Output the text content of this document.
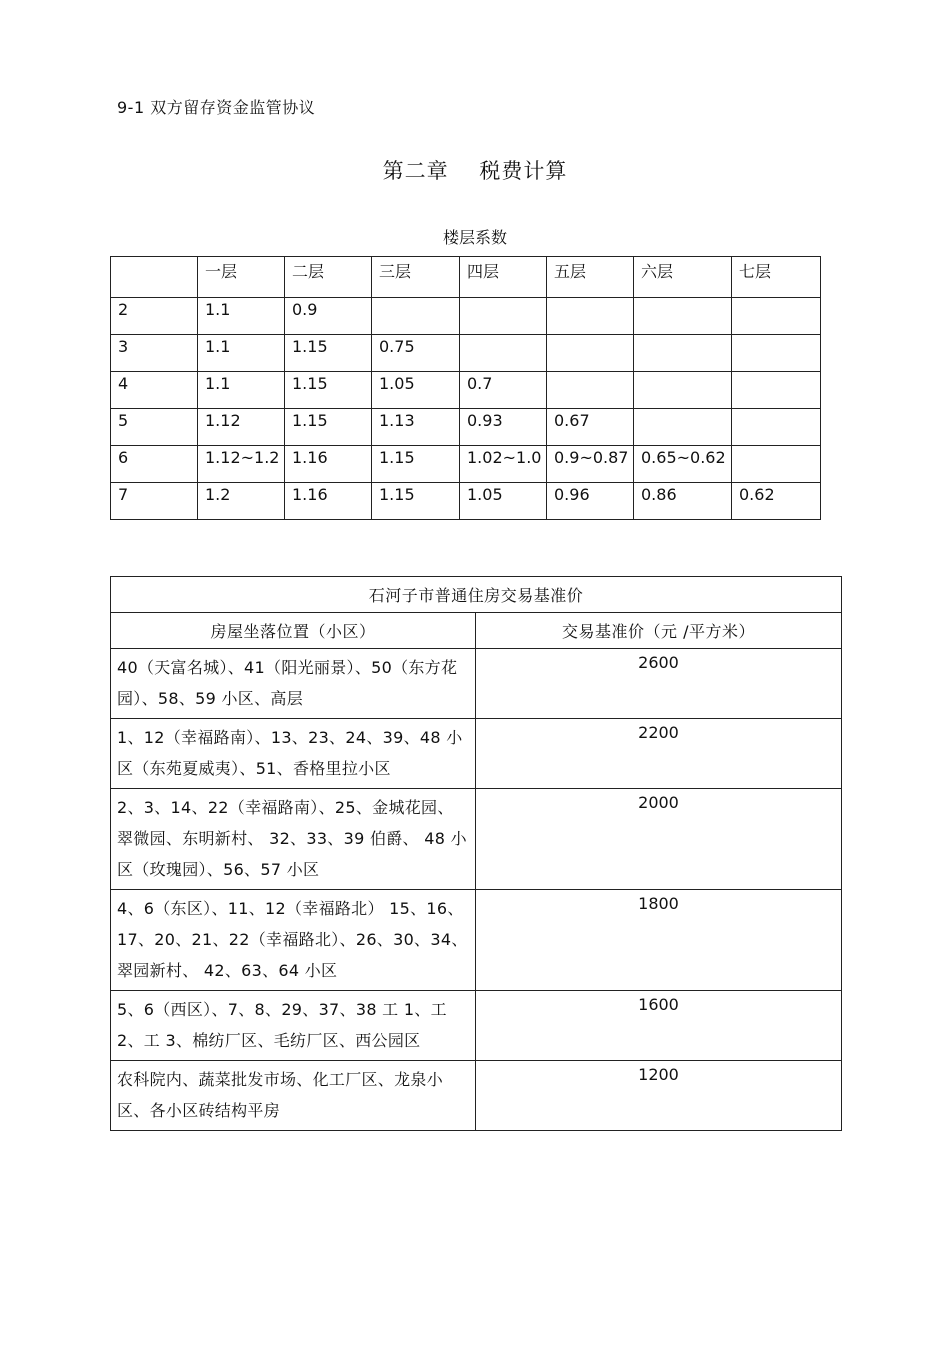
9-1 双方留存资金监管协议
第二章    税费计算
楼层系数
	一层	二层	三层	四层	五层	六层	七层
2	1.1	0.9					
3	1.1	1.15	0.75				
4	1.1	1.15	1.05	0.7			
5	1.12	1.15	1.13	0.93	0.67		
6	1.12~1.2	1.16	1.15	1.02~1.0	0.9~0.87	0.65~0.62	
7	1.2	1.16	1.15	1.05	0.96	0.86	0.62
石河子市普通住房交易基准价	
房屋坐落位置（小区）	交易基准价（元 /平方米）
40（天富名城）、41（阳光丽景）、50（东方花园）、58、59 小区、高层	2600
1、12（幸福路南）、13、23、24、39、48 小区（东苑夏威夷）、51、香格里拉小区	2200
2、3、14、22（幸福路南）、25、金城花园、翠微园、东明新村、 32、33、39 伯爵、 48 小区（玫瑰园）、56、57 小区	2000
4、6（东区）、11、12（幸福路北） 15、16、17、20、21、22（幸福路北）、26、30、34、翠园新村、 42、63、64 小区	1800
5、6（西区）、7、8、29、37、38 工 1、工 2、工 3、棉纺厂区、毛纺厂区、西公园区	1600
农科院内、蔬菜批发市场、化工厂区、龙泉小区、各小区砖结构平房	1200
